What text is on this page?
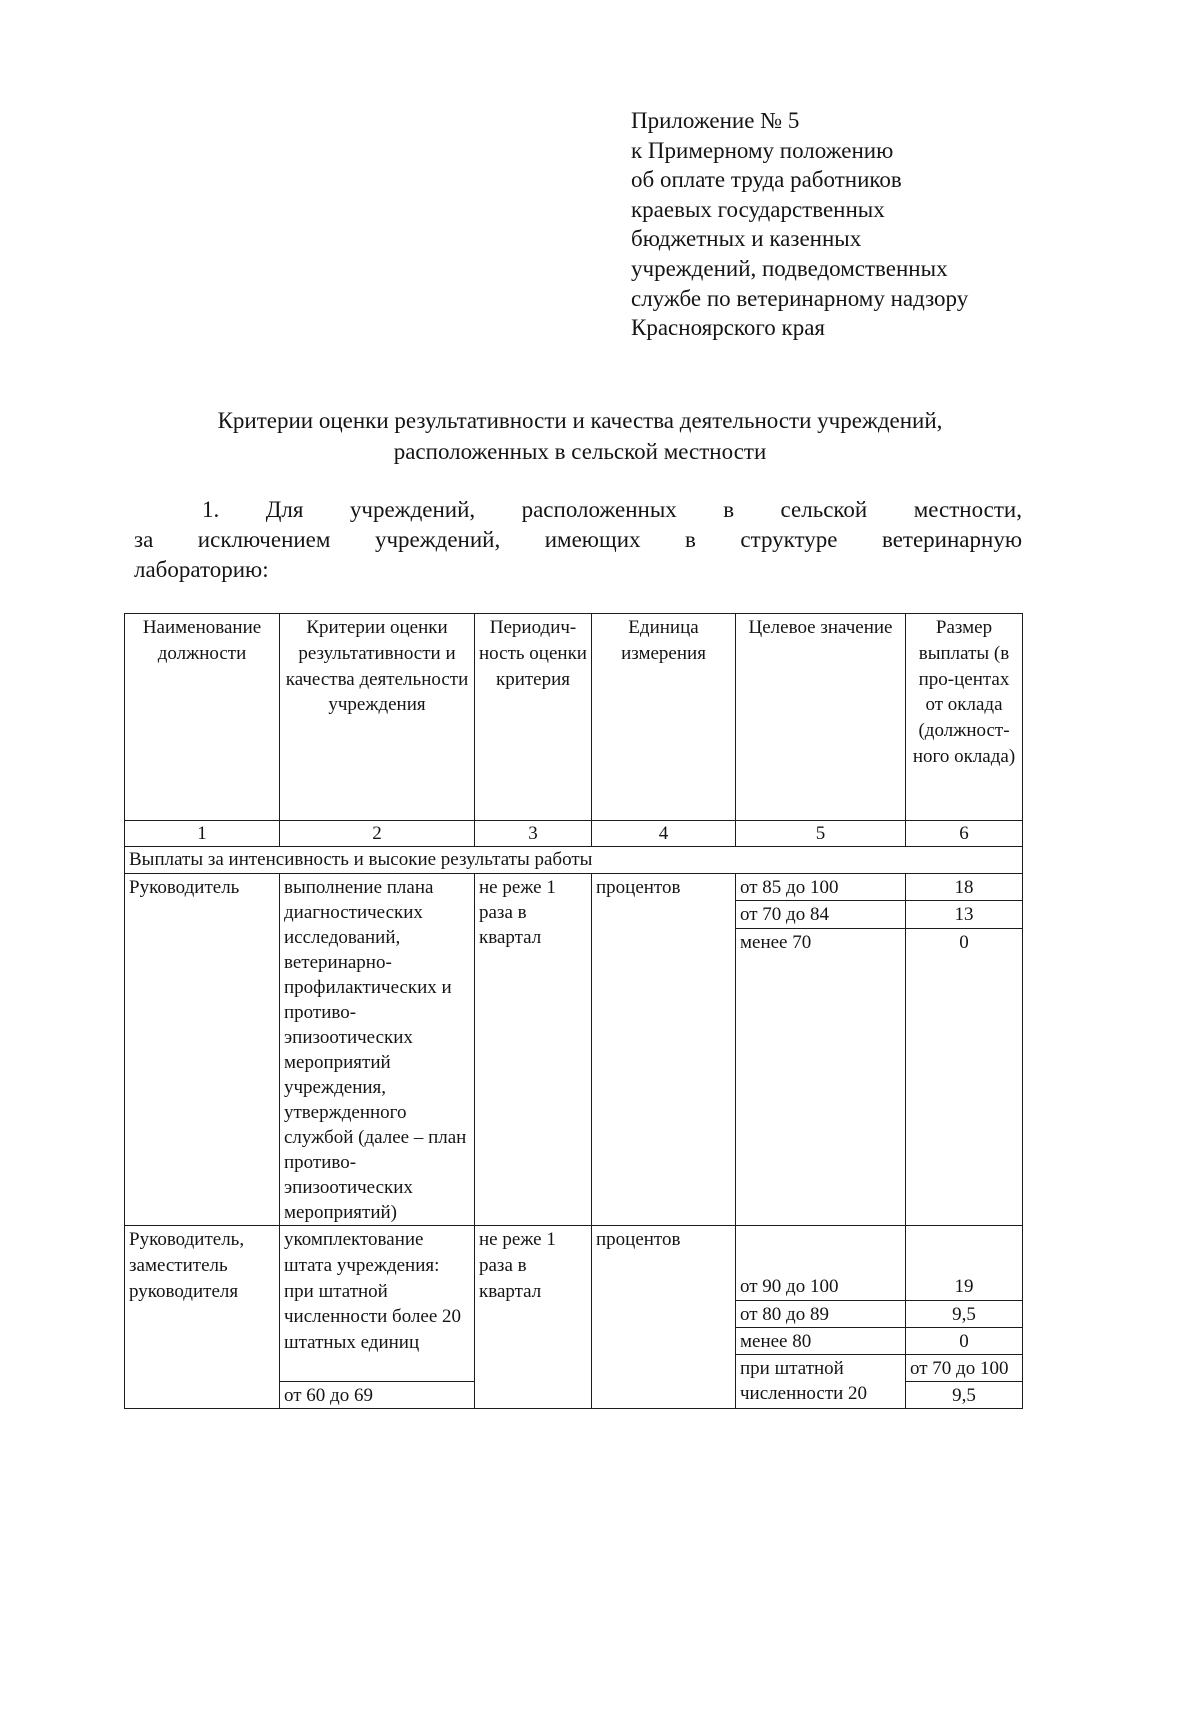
Приложение № 5
к Примерному положению
об оплате труда работников
краевых государственных
бюджетных и казенных
учреждений, подведомственных
службе по ветеринарному надзору
Красноярского края
Критерии оценки результативности и качества деятельности учреждений,
расположенных в сельской местности
1. Для учреждений, расположенных в сельской местности,
за исключением учреждений, имеющих в структуре ветеринарную
лабораторию:
Наименование должности	Критерии оценки результативности и качества деятельности учреждения	Периодич-ность оценки критерия	Единица измерения	Целевое значение	Размер выплаты (в про-центах от оклада (должност-ного оклада)	
1	2	3	4	5	6	
Выплаты за интенсивность и высокие результаты работы						
Руководитель	выполнение плана диагностических исследований, ветеринарно-профилактических и противо-эпизоотических мероприятий учреждения, утвержденного службой (далее – план противо-эпизоотических мероприятий)	не реже 1 раза в квартал	процентов	от 85 до 100	18	
				от 70 до 84	13	
				менее 70	0	
Руководитель, заместитель руководителя	укомплектование штата учреждения: при штатной численности более 20 штатных единиц	не реже 1 раза в квартал	процентов	от 90 до 100	19	
				от 80 до 89	9,5	
				менее 80	0	
				при штатной численности 20	от 70 до 100	
	от 60 до 69				9,5	
